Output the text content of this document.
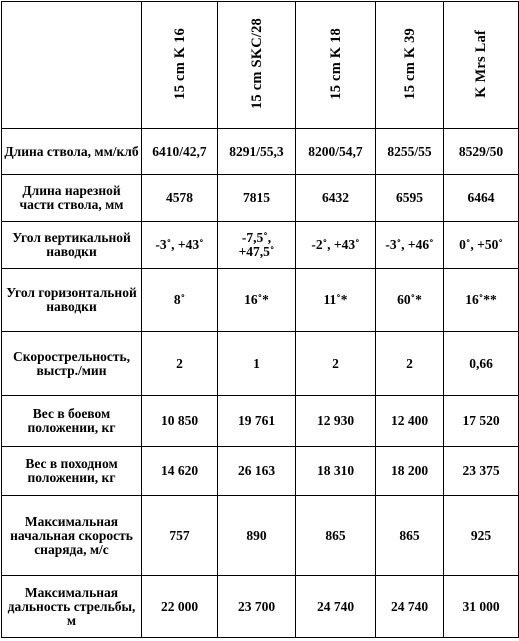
	15 cm K 16	15 cm SKC/28	15 cm K 18	15 cm K 39	K Mrs Laf
Длина ствола, мм/клб	6410/42,7	8291/55,3	8200/54,7	8255/55	8529/50
Длина нарезной части ствола, мм	4578	7815	6432	6595	6464
Угол вертикальной наводки	-3˚, +43˚	-7,5˚, +47,5˚	-2˚, +43˚	-3˚, +46˚	0˚, +50˚
Угол горизонтальной наводки	8˚	16˚*	11˚*	60˚*	16˚**
Скорострельность, выстр./мин	2	1	2	2	0,66
Вес в боевом положении, кг	10 850	19 761	12 930	12 400	17 520
Вес в походном положении, кг	14 620	26 163	18 310	18 200	23 375
Максимальная начальная скорость снаряда, м/с	757	890	865	865	925
Максимальная дальность стрельбы, м	22 000	23 700	24 740	24 740	31 000
